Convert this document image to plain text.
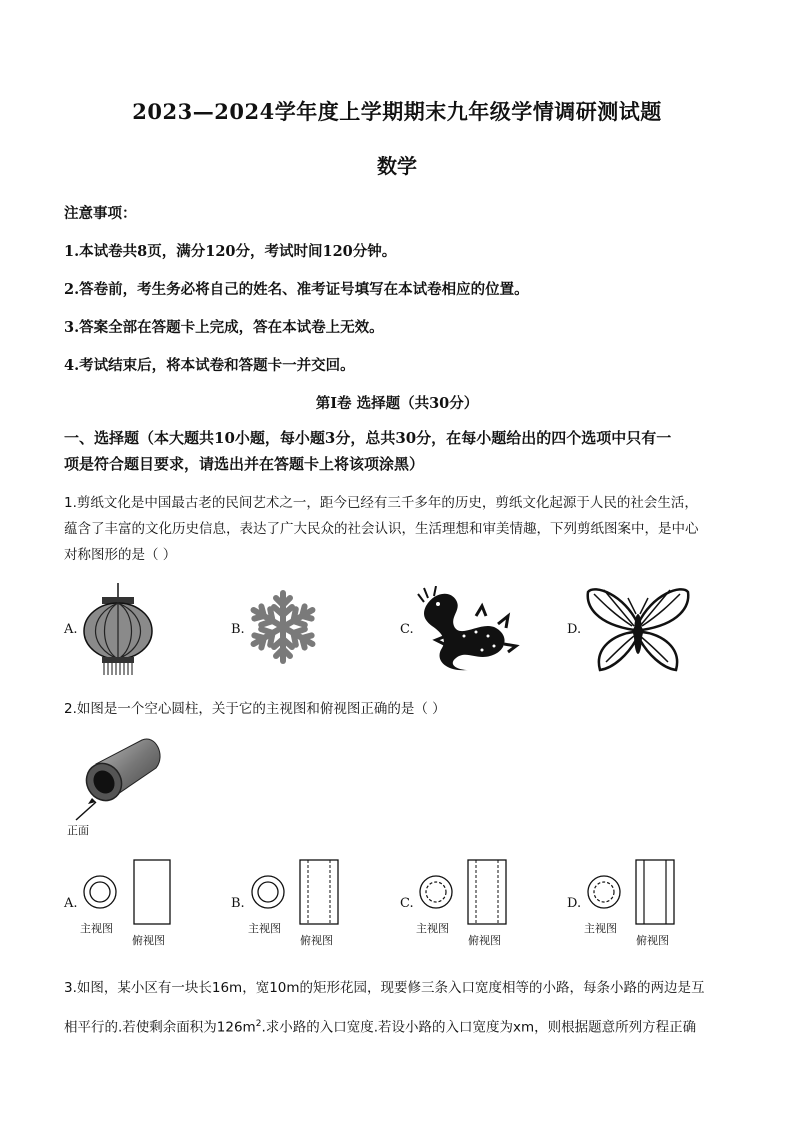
2023—2024学年度上学期期末九年级学情调研测试题
数学
注意事项：
1.本试卷共8页，满分120分，考试时间120分钟。
2.答卷前，考生务必将自己的姓名、准考证号填写在本试卷相应的位置。
3.答案全部在答题卡上完成，答在本试卷上无效。
4.考试结束后，将本试卷和答题卡一并交回。
第Ⅰ卷 选择题（共30分）
一、选择题（本大题共10小题，每小题3分，总共30分，在每小题给出的四个选项中只有一
项是符合题目要求，请选出并在答题卡上将该项涂黑）
1.剪纸文化是中国最古老的民间艺术之一，距今已经有三千多年的历史，剪纸文化起源于人民的社会生活，
蕴含了丰富的文化历史信息，表达了广大民众的社会认识，生活理想和审美情趣，下列剪纸图案中，是中心
对称图形的是（ ）
A.	B.	C.	D.
2.如图是一个空心圆柱，关于它的主视图和俯视图正确的是（ ）
正面
A.
主视图
俯视图
B.
主视图
俯视图
C.
主视图
俯视图
D.
主视图
俯视图
3.如图，某小区有一块长16m，宽10m的矩形花园，现要修三条入口宽度相等的小路，每条小路的两边是互
相平行的.若使剩余面积为$126m^2$.求小路的入口宽度.若设小路的入口宽度为xm，则根据题意所列方程正确
